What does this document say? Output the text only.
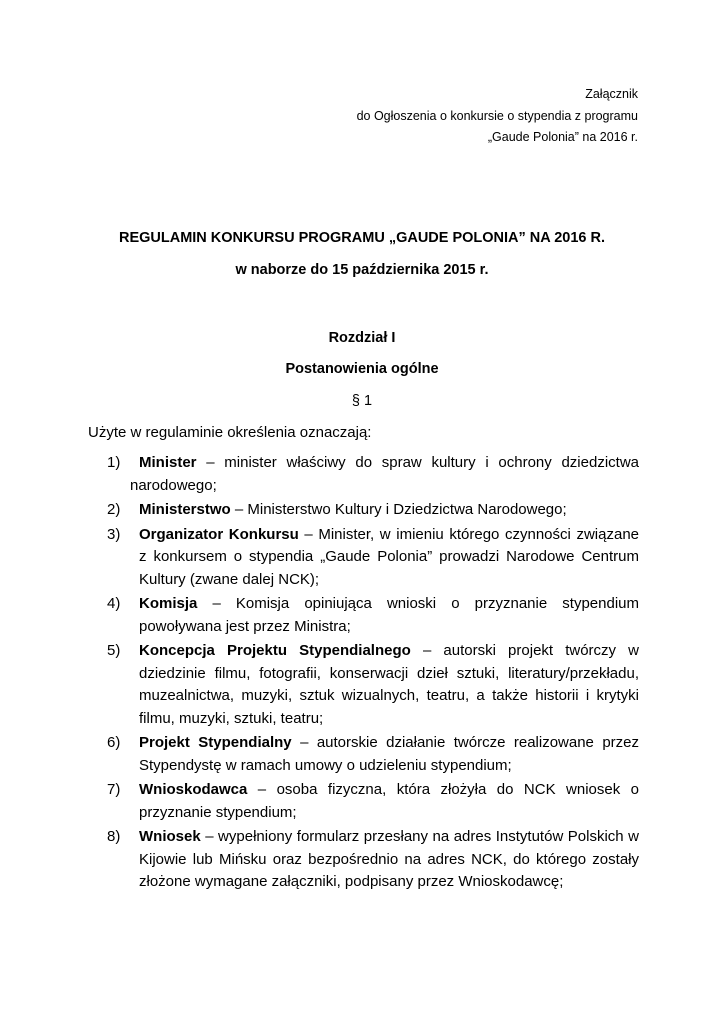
Załącznik
do Ogłoszenia o konkursie o stypendia z programu
„Gaude Polonia” na 2016 r.
REGULAMIN KONKURSU PROGRAMU „GAUDE POLONIA” NA 2016 R.
w naborze do 15 października 2015 r.
Rozdział I
Postanowienia ogólne
§ 1
Użyte w regulaminie określenia oznaczają:
1)	Minister – minister właściwy do spraw kultury i ochrony dziedzictwa narodowego;
2) Ministerstwo – Ministerstwo Kultury i Dziedzictwa Narodowego;
3) Organizator Konkursu – Minister, w imieniu którego czynności związane z konkursem o stypendia „Gaude Polonia” prowadzi Narodowe Centrum Kultury (zwane dalej NCK);
4) Komisja – Komisja opiniująca wnioski o przyznanie stypendium powoływana jest przez Ministra;
5) Koncepcja Projektu Stypendialnego – autorski projekt twórczy w dziedzinie filmu, fotografii, konserwacji dzieł sztuki, literatury/przekładu, muzealnictwa, muzyki, sztuk wizualnych, teatru, a także historii i krytyki filmu, muzyki, sztuki, teatru;
6) Projekt Stypendialny – autorskie działanie twórcze realizowane przez Stypendystę w ramach umowy o udzieleniu stypendium;
7) Wnioskodawca – osoba fizyczna, która złożyła do NCK wniosek o przyznanie stypendium;
8) Wniosek – wypełniony formularz przesłany na adres Instytutów Polskich w Kijowie lub Mińsku oraz bezpośrednio na adres NCK, do którego zostały złożone wymagane załączniki, podpisany przez Wnioskodawcę;
